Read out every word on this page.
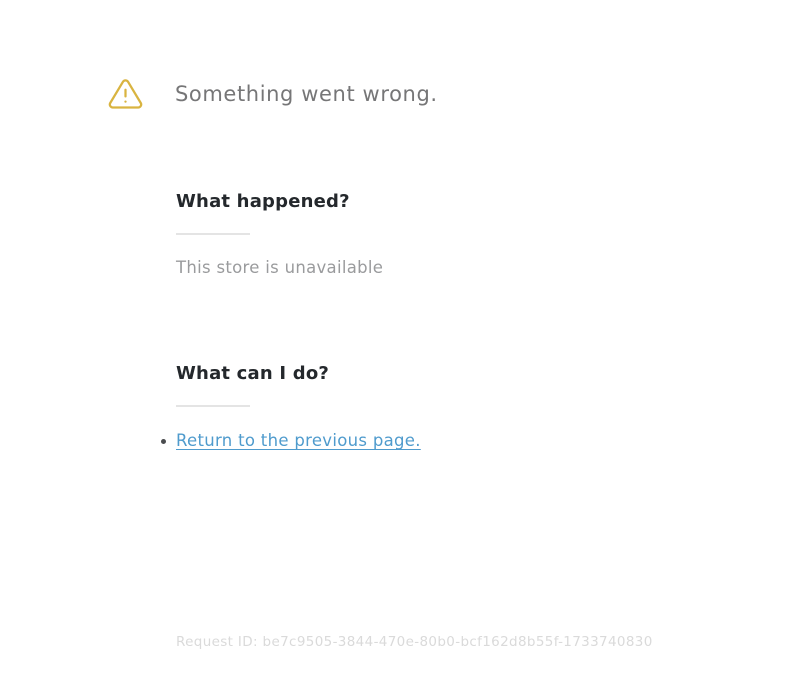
Something went wrong.
What happened?

This store is unavailable

What can I do?
Return to the previous page.
Request ID: be7c9505-3844-470e-80b0-bcf162d8b55f-1733740830
